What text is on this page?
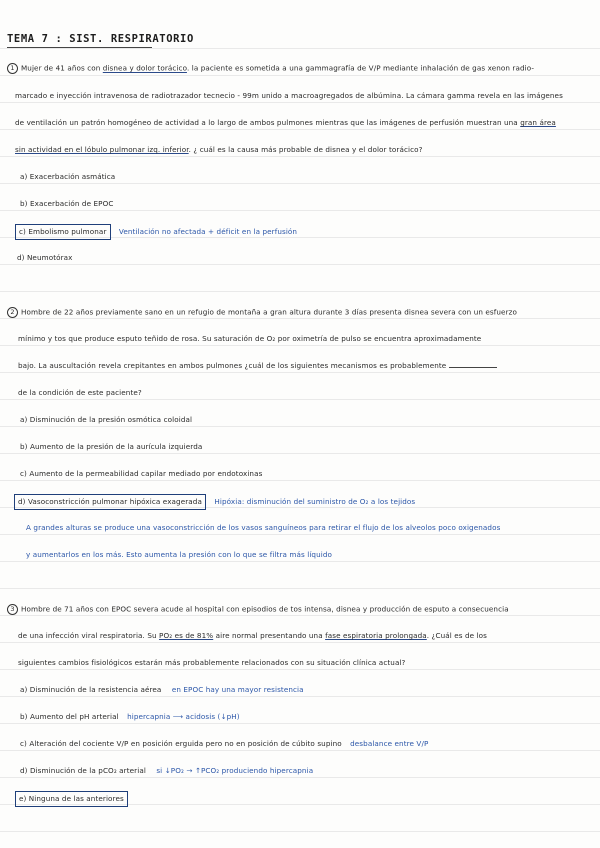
TEMA 7 : SIST. RESPIRATORIO
1 Mujer de 41 años con disnea y dolor torácico. la paciente es sometida a una gammagrafía de V/P mediante inhalación de gas xenon radio-
marcado e inyección intravenosa de radiotrazador tecnecio - 99m unido a macroagregados de albúmina. La cámara gamma revela en las imágenes
de ventilación un patrón homogéneo de actividad a lo largo de ambos pulmones mientras que las imágenes de perfusión muestran una gran área
sin actividad en el lóbulo pulmonar izq. inferior. ¿ cuál es la causa más probable de disnea y el dolor torácico?
a) Exacerbación asmática
b) Exacerbación de EPOC
c) Embolismo pulmonar Ventilación no afectada + déficit en la perfusión
d) Neumotórax
2 Hombre de 22 años previamente sano en un refugio de montaña a gran altura durante 3 días presenta disnea severa con un esfuerzo
mínimo y tos que produce esputo teñido de rosa. Su saturación de O₂ por oximetría de pulso se encuentra aproximadamente
bajo. La auscultación revela crepitantes en ambos pulmones ¿cuál de los siguientes mecanismos es probablemente
de la condición de este paciente?
a) Disminución de la presión osmótica coloidal
b) Aumento de la presión de la aurícula izquierda
c) Aumento de la permeabilidad capilar mediado por endotoxinas
d) Vasoconstricción pulmonar hipóxica exagerada Hipóxia: disminución del suministro de O₂ a los tejidos
A grandes alturas se produce una vasoconstricción de los vasos sanguíneos para retirar el flujo de los alveolos poco oxigenados
y aumentarlos en los más. Esto aumenta la presión con lo que se filtra más líquido
3 Hombre de 71 años con EPOC severa acude al hospital con episodios de tos intensa, disnea y producción de esputo a consecuencia
de una infección viral respiratoria. Su PO₂ es de 81% aire normal presentando una fase espiratoria prolongada. ¿Cuál es de los
siguientes cambios fisiológicos estarán más probablemente relacionados con su situación clínica actual?
a) Disminución de la resistencia aérea en EPOC hay una mayor resistencia
b) Aumento del pH arterial hipercapnia ⟶ acidosis (↓pH)
c) Alteración del cociente V/P en posición erguida pero no en posición de cúbito supino desbalance entre V/P
d) Disminución de la pCO₂ arterial si ↓PO₂ → ↑PCO₂ produciendo hipercapnia
e) Ninguna de las anteriores
